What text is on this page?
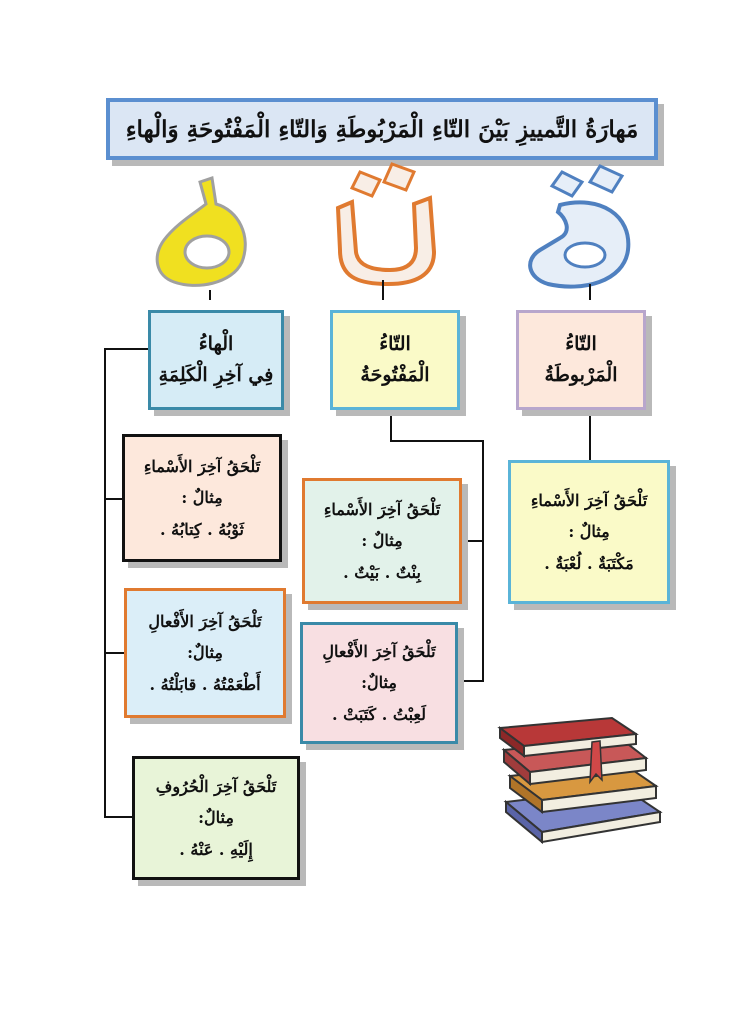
مَهارَةُ التَّمييزِ بَيْنَ التّاءِ الْمَرْبُوطَةِ وَالتّاءِ الْمَفْتُوحَةِ وَالْهاءِ
التّاءُ
الْمَرْبوطَةُ
التّاءُ
الْمَفْتُوحَةُ
الْهاءُ
فِي آخِرِ الْكَلِمَةِ
تَلْحَقُ آخِرَ الأَسْماءِ
مِثالٌ :
مَكْتَبَةٌ . لُعْبَةٌ .
تَلْحَقُ آخِرَ الأَسْماءِ
مِثالٌ :
بِنْتٌ . بَيْتٌ .
تَلْحَقُ آخِرَ الأَفْعالِ
مِثالٌ:
لَعِبْتُ . كَتَبَتْ .
تَلْحَقُ آخِرَ الأَسْماءِ
مِثالٌ :
ثَوْبُهُ . كِتابُهُ .
تَلْحَقُ آخِرَ الأَفْعالِ
مِثالٌ:
أَطْعَمْتُهُ . قابَلْتُهُ .
تَلْحَقُ آخِرَ الْحُرُوفِ
مِثالٌ:
إِلَيْهِ . عَنْهُ .
